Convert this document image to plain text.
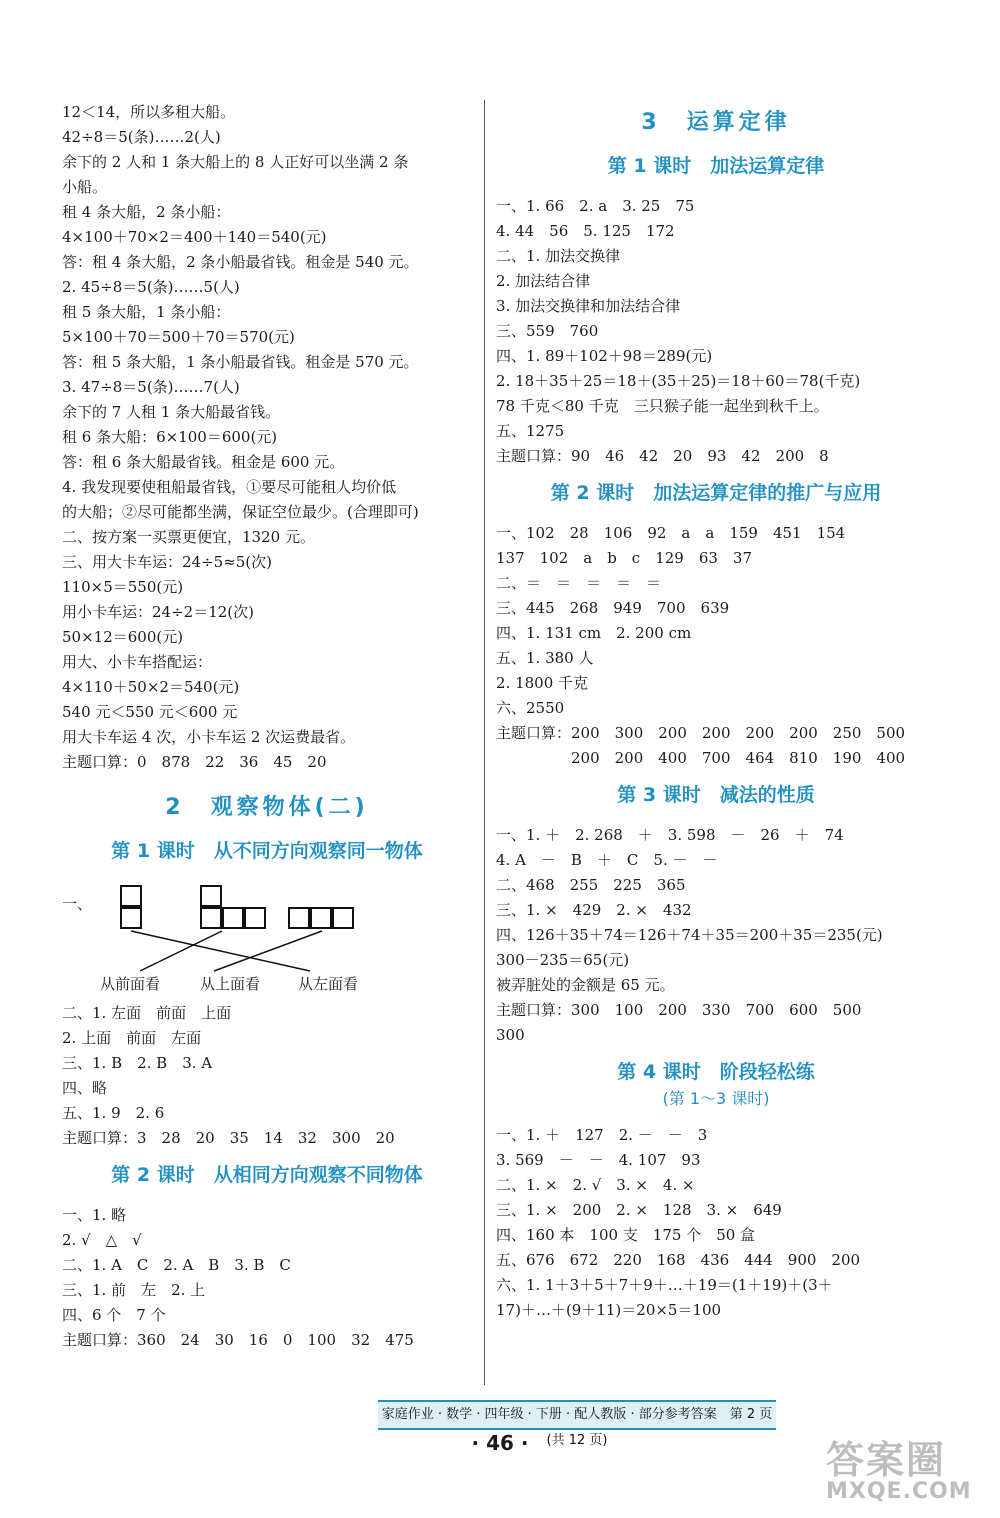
12＜14，所以多租大船。
42÷8＝5(条)……2(人)
余下的 2 人和 1 条大船上的 8 人正好可以坐满 2 条
小船。
租 4 条大船，2 条小船：
4×100＋70×2＝400＋140＝540(元)
答：租 4 条大船，2 条小船最省钱。租金是 540 元。
2. 45÷8＝5(条)……5(人)
租 5 条大船，1 条小船：
5×100＋70＝500＋70＝570(元)
答：租 5 条大船，1 条小船最省钱。租金是 570 元。
3. 47÷8＝5(条)……7(人)
余下的 7 人租 1 条大船最省钱。
租 6 条大船：6×100＝600(元)
答：租 6 条大船最省钱。租金是 600 元。
4. 我发现要使租船最省钱，①要尽可能租人均价低
的大船；②尽可能都坐满，保证空位最少。(合理即可)
二、按方案一买票更便宜，1320 元。
三、用大卡车运：24÷5≈5(次)
110×5＝550(元)
用小卡车运：24÷2＝12(次)
50×12＝600(元)
用大、小卡车搭配运：
4×110＋50×2＝540(元)
540 元＜550 元＜600 元
用大卡车运 4 次，小卡车运 2 次运费最省。
主题口算：0　878　22　36　45　20
2　观察物体(二)
第 1 课时　从不同方向观察同一物体
一、
从前面看	从上面看	从左面看
二、1. 左面　前面　上面
2. 上面　前面　左面
三、1. B　2. B　3. A
四、略
五、1. 9　2. 6
主题口算：3　28　20　35　14　32　300　20
第 2 课时　从相同方向观察不同物体
一、1. 略
2. √　△　√
二、1. A　C　2. A　B　3. B　C
三、1. 前　左　2. 上
四、6 个　7 个
主题口算：360　24　30　16　0　100　32　475
3　运算定律
第 1 课时　加法运算定律
一、1. 66　2. a　3. 25　75
4. 44　56　5. 125　172
二、1. 加法交换律
2. 加法结合律
3. 加法交换律和加法结合律
三、559　760
四、1. 89＋102＋98＝289(元)
2. 18＋35＋25＝18＋(35＋25)＝18＋60＝78(千克)
78 千克＜80 千克　三只猴子能一起坐到秋千上。
五、1275
主题口算：90　46　42　20　93　42　200　8
第 2 课时　加法运算定律的推广与应用
一、102　28　106　92　a　a　159　451　154
137　102　a　b　c　129　63　37
二、＝　＝　＝　＝　＝
三、445　268　949　700　639
四、1. 131 cm　2. 200 cm
五、1. 380 人
2. 1800 千克
六、2550
主题口算：200　300　200　200　200　200　250　500
　　　　　200　200　400　700　464　810　190　400
第 3 课时　减法的性质
一、1. ＋　2. 268　＋　3. 598　－　26　＋　74
4. A　－　B　＋　C　5. －　－
二、468　255　225　365
三、1. ×　429　2. ×　432
四、126＋35＋74＝126＋74＋35＝200＋35＝235(元)
300－235＝65(元)
被弄脏处的金额是 65 元。
主题口算：300　100　200　330　700　600　500
300
第 4 课时　阶段轻松练
(第 1～3 课时)
一、1. ＋　127　2. －　－　3
3. 569　－　－　4. 107　93
二、1. ×　2. √　3. ×　4. ×
三、1. ×　200　2. ×　128　3. ×　649
四、160 本　100 支　175 个　50 盒
五、676　672　220　168　436　444　900　200
六、1. 1＋3＋5＋7＋9＋…＋19＝(1＋19)＋(3＋
17)＋…＋(9＋11)＝20×5＝100
家庭作业 · 数学 · 四年级 · 下册 · 配人教版 · 部分参考答案　第 2 页(共 12 页)
· 46 ·	答案圈
MXQE.COM
